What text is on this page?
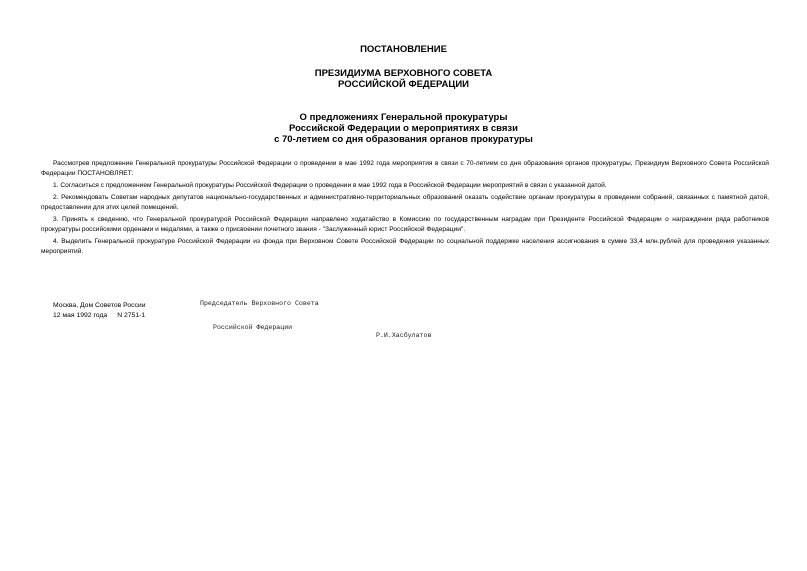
ПОСТАНОВЛЕНИЕ
ПРЕЗИДИУМА ВЕРХОВНОГО СОВЕТА
РОССИЙСКОЙ ФЕДЕРАЦИИ
О предложениях Генеральной прокуратуры
Российской Федерации о мероприятиях в связи
с 70-летием со дня образования органов прокуратуры

Рассмотрев предложение Генеральной прокуратуры Российской Федерации о проведении в мае 1992 года мероприятия в связи с 70-летием со дня образования органов прокуратуры, Президиум Верховного Совета Российской Федерации ПОСТАНОВЛЯЕТ:

1. Согласиться с предложением Генеральной прокуратуры Российской Федерации о проведении в мае 1992 года в Российской Федерации мероприятий в связи с указанной датой.

2. Рекомендовать Советам народных депутатов национально-государственных и административно-территориальных образований оказать содействие органам прокуратуры в проведении собраний, связанных с памятной датой, предоставлении для этих целей помещений.

3. Принять к сведению, что Генеральной прокуратурой Российской Федерации направлено ходатайство в Комиссию по государственным наградам при Президенте Российской Федерации о награждении ряда работников прокуратуры российскими орденами и медалями, а также о присвоении почетного звания - "Заслуженный юрист Российской Федерации".

4. Выделить Генеральной прокуратуре Российской Федерации из фонда при Верховном Совете Российской Федерации по социальной поддержке населения ассигнования в сумме 33,4 млн.рублей для проведения указанных мероприятий.

Председатель Верховного Совета

Российской Федерации

Р.И.Хасбулатов

Москва, Дом Советов России
12 мая 1992 года N 2751-1
